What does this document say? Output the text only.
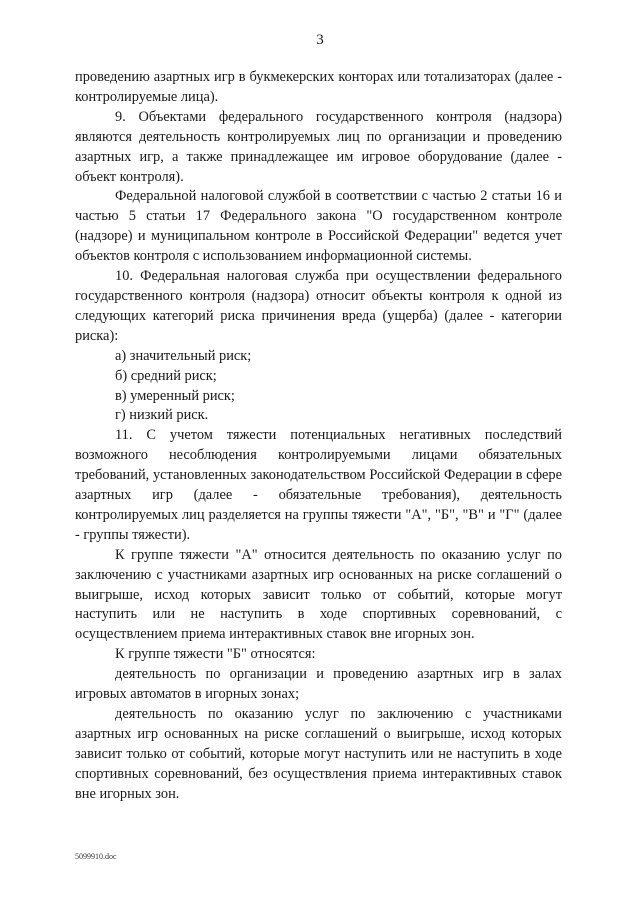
3

проведению азартных игр в букмекерских конторах или тотализаторах (далее - контролируемые лица).

9. Объектами федерального государственного контроля (надзора) являются деятельность контролируемых лиц по организации и проведению азартных игр, а также принадлежащее им игровое оборудование (далее - объект контроля).

Федеральной налоговой службой в соответствии с частью 2 статьи 16 и частью 5 статьи 17 Федерального закона "О государственном контроле (надзоре) и муниципальном контроле в Российской Федерации" ведется учет объектов контроля с использованием информационной системы.

10. Федеральная налоговая служба при осуществлении федерального государственного контроля (надзора) относит объекты контроля к одной из следующих категорий риска причинения вреда (ущерба) (далее - категории риска):

а) значительный риск;

б) средний риск;

в) умеренный риск;

г) низкий риск.

11. С учетом тяжести потенциальных негативных последствий возможного несоблюдения контролируемыми лицами обязательных требований, установленных законодательством Российской Федерации в сфере азартных игр (далее - обязательные требования), деятельность контролируемых лиц разделяется на группы тяжести "А", "Б", "В" и "Г" (далее - группы тяжести).

К группе тяжести "А" относится деятельность по оказанию услуг по заключению с участниками азартных игр основанных на риске соглашений о выигрыше, исход которых зависит только от событий, которые могут наступить или не наступить в ходе спортивных соревнований, с осуществлением приема интерактивных ставок вне игорных зон.

К группе тяжести "Б" относятся:

деятельность по организации и проведению азартных игр в залах игровых автоматов в игорных зонах;

деятельность по оказанию услуг по заключению с участниками азартных игр основанных на риске соглашений о выигрыше, исход которых зависит только от событий, которые могут наступить или не наступить в ходе спортивных соревнований, без осуществления приема интерактивных ставок вне игорных зон.

5099910.doc
